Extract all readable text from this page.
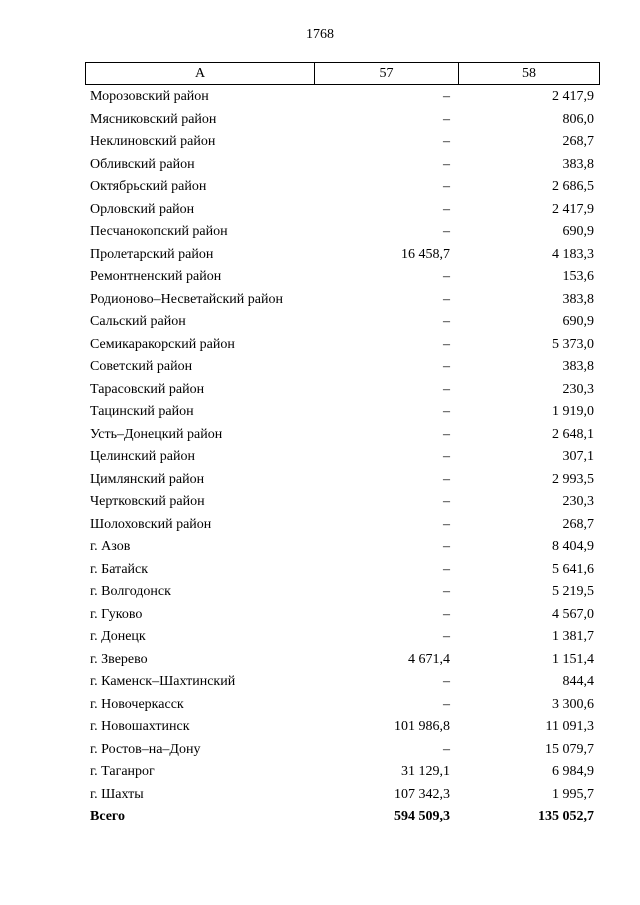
1768
А	57	58
Морозовский район	–	2 417,9
Мясниковский район	–	806,0
Неклиновский район	–	268,7
Обливский район	–	383,8
Октябрьский район	–	2 686,5
Орловский район	–	2 417,9
Песчанокопский район	–	690,9
Пролетарский район	16 458,7	4 183,3
Ремонтненский район	–	153,6
Родионово–Несветайский район	–	383,8
Сальский район	–	690,9
Семикаракорский район	–	5 373,0
Советский район	–	383,8
Тарасовский район	–	230,3
Тацинский район	–	1 919,0
Усть–Донецкий район	–	2 648,1
Целинский район	–	307,1
Цимлянский район	–	2 993,5
Чертковский район	–	230,3
Шолоховский район	–	268,7
г. Азов	–	8 404,9
г. Батайск	–	5 641,6
г. Волгодонск	–	5 219,5
г. Гуково	–	4 567,0
г. Донецк	–	1 381,7
г. Зверево	4 671,4	1 151,4
г. Каменск–Шахтинский	–	844,4
г. Новочеркасск	–	3 300,6
г. Новошахтинск	101 986,8	11 091,3
г. Ростов–на–Дону	–	15 079,7
г. Таганрог	31 129,1	6 984,9
г. Шахты	107 342,3	1 995,7
Всего	594 509,3	135 052,7
